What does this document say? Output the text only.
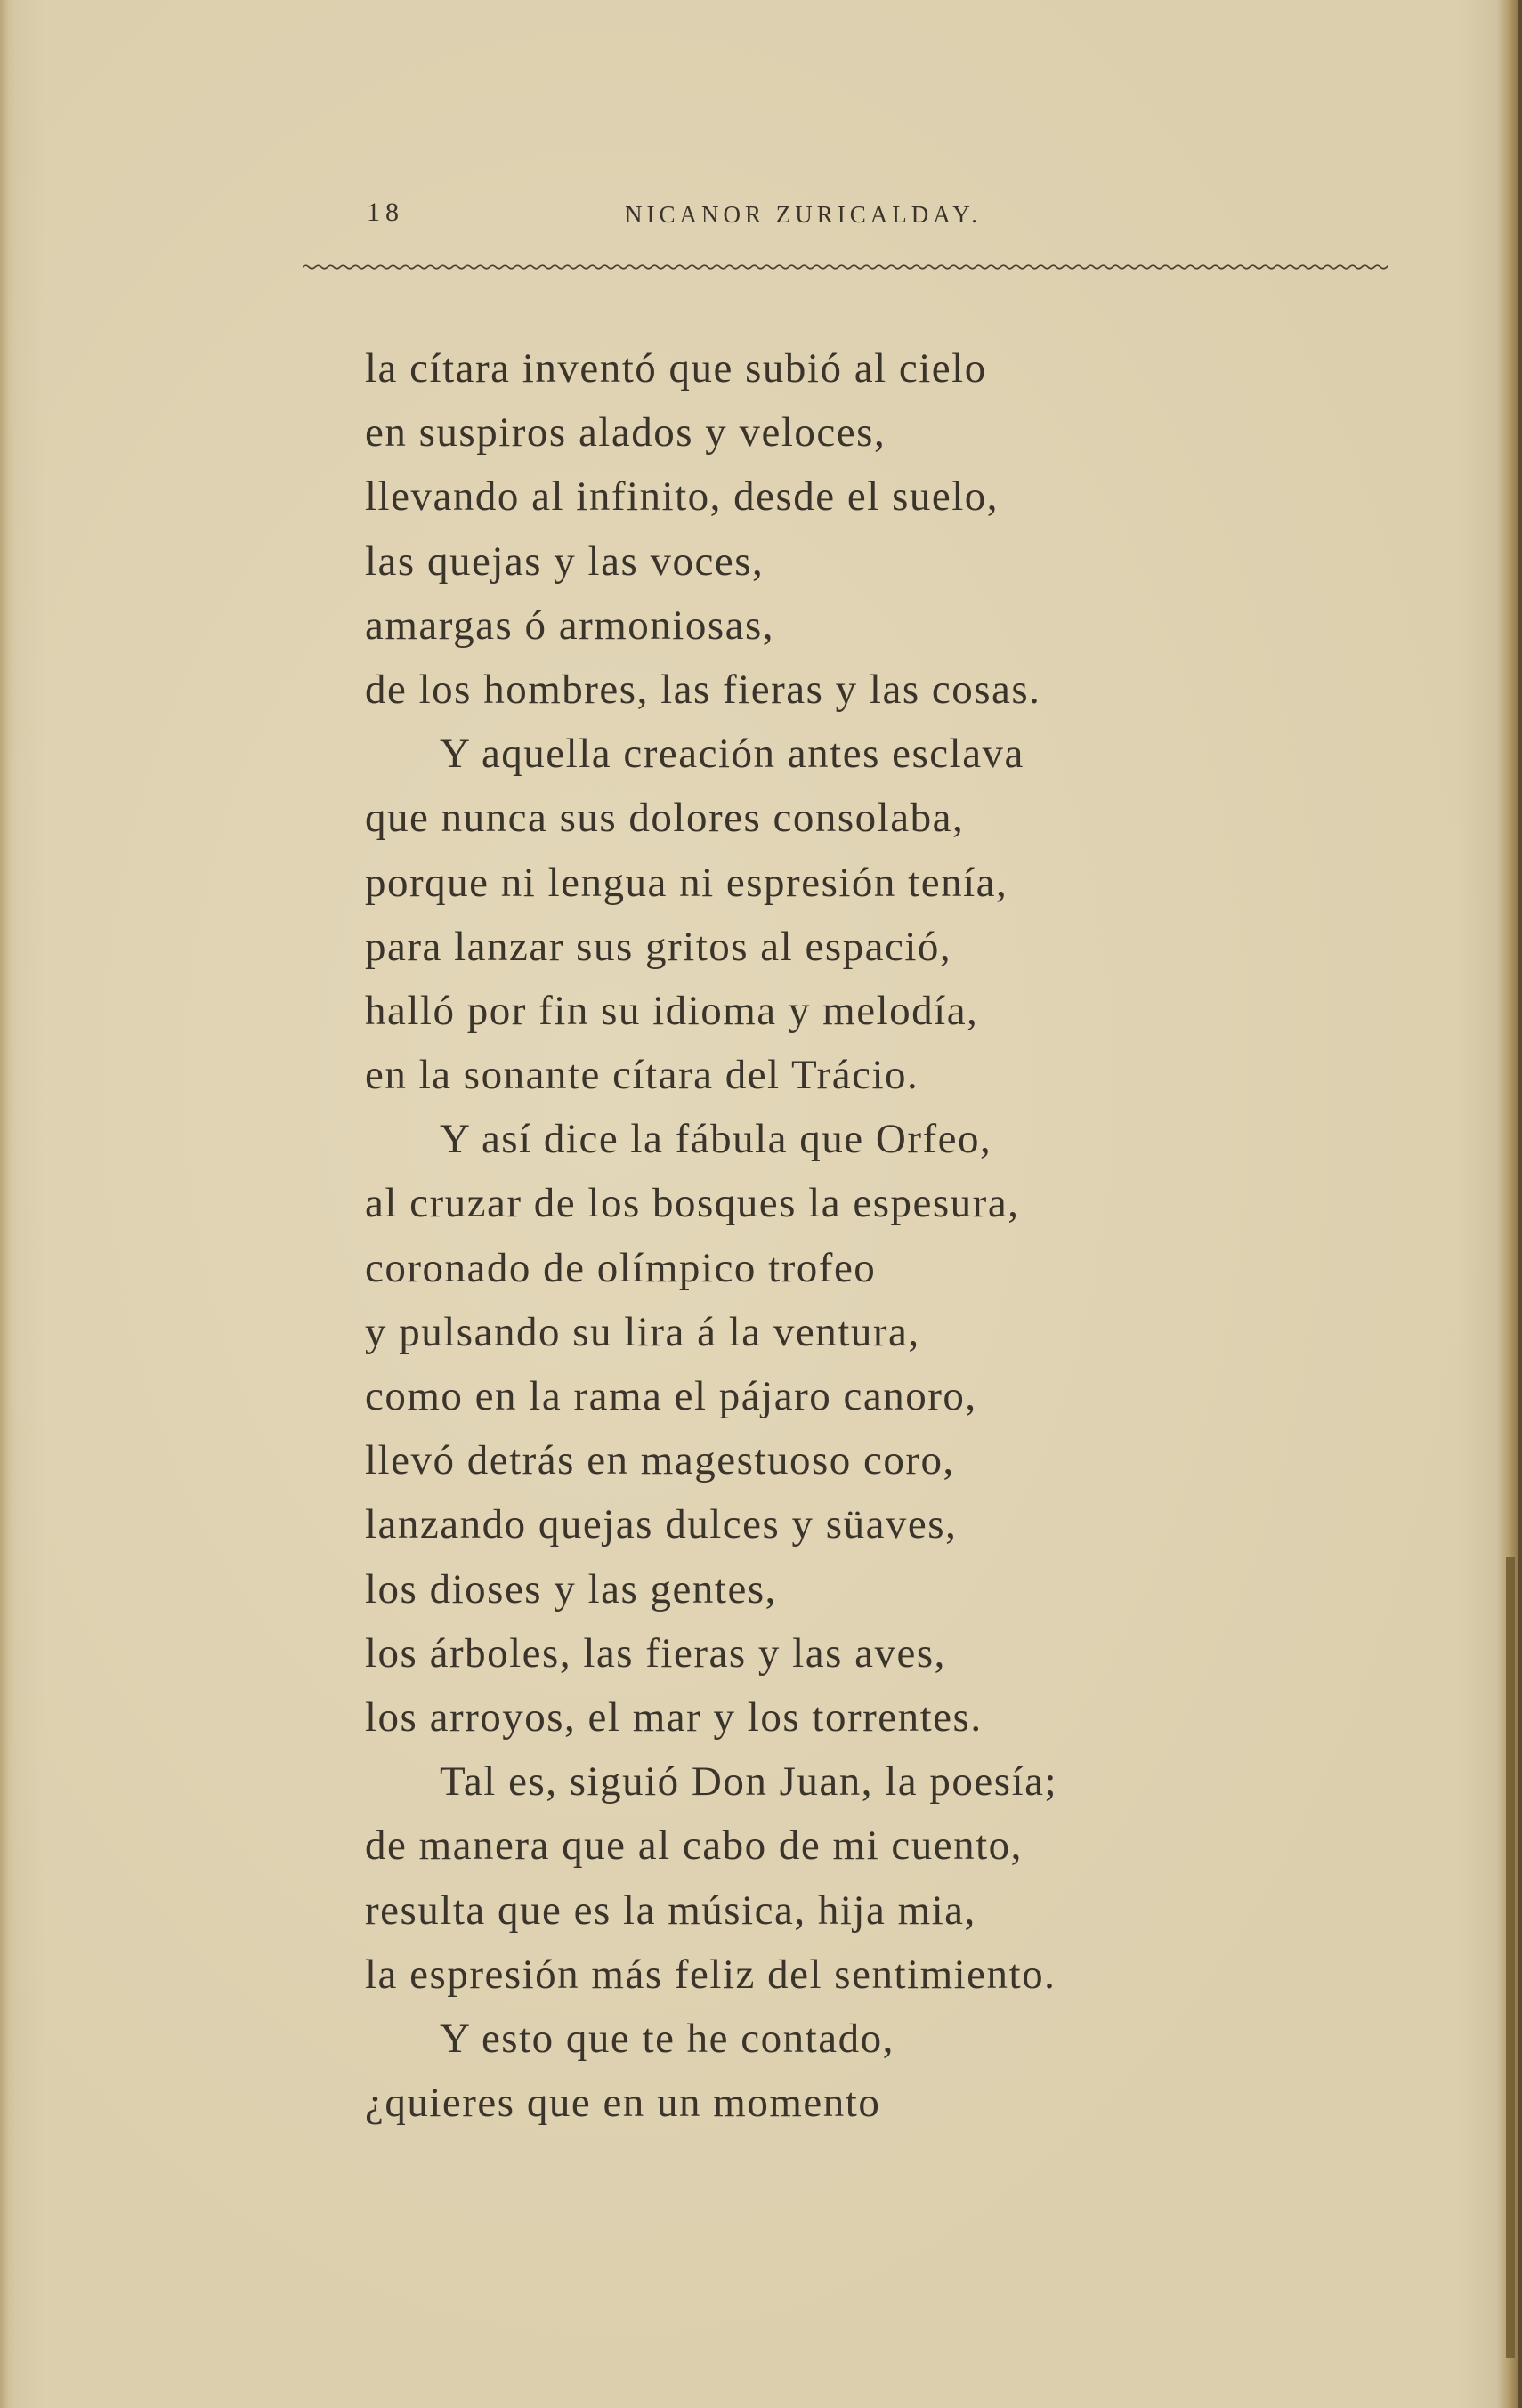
18	NICANOR ZURICALDAY.
la cítara inventó que subió al cielo
en suspiros alados y veloces,
llevando al infinito, desde el suelo,
las quejas y las voces,
amargas ó armoniosas,
de los hombres, las fieras y las cosas.
Y aquella creación antes esclava
que nunca sus dolores consolaba,
porque ni lengua ni espresión tenía,
para lanzar sus gritos al espació,
halló por fin su idioma y melodía,
en la sonante cítara del Trácio.
Y así dice la fábula que Orfeo,
al cruzar de los bosques la espesura,
coronado de olímpico trofeo
y pulsando su lira á la ventura,
como en la rama el pájaro canoro,
llevó detrás en magestuoso coro,
lanzando quejas dulces y süaves,
los dioses y las gentes,
los árboles, las fieras y las aves,
los arroyos, el mar y los torrentes.
Tal es, siguió Don Juan, la poesía;
de manera que al cabo de mi cuento,
resulta que es la música, hija mia,
la espresión más feliz del sentimiento.
Y esto que te he contado,
¿quieres que en un momento
